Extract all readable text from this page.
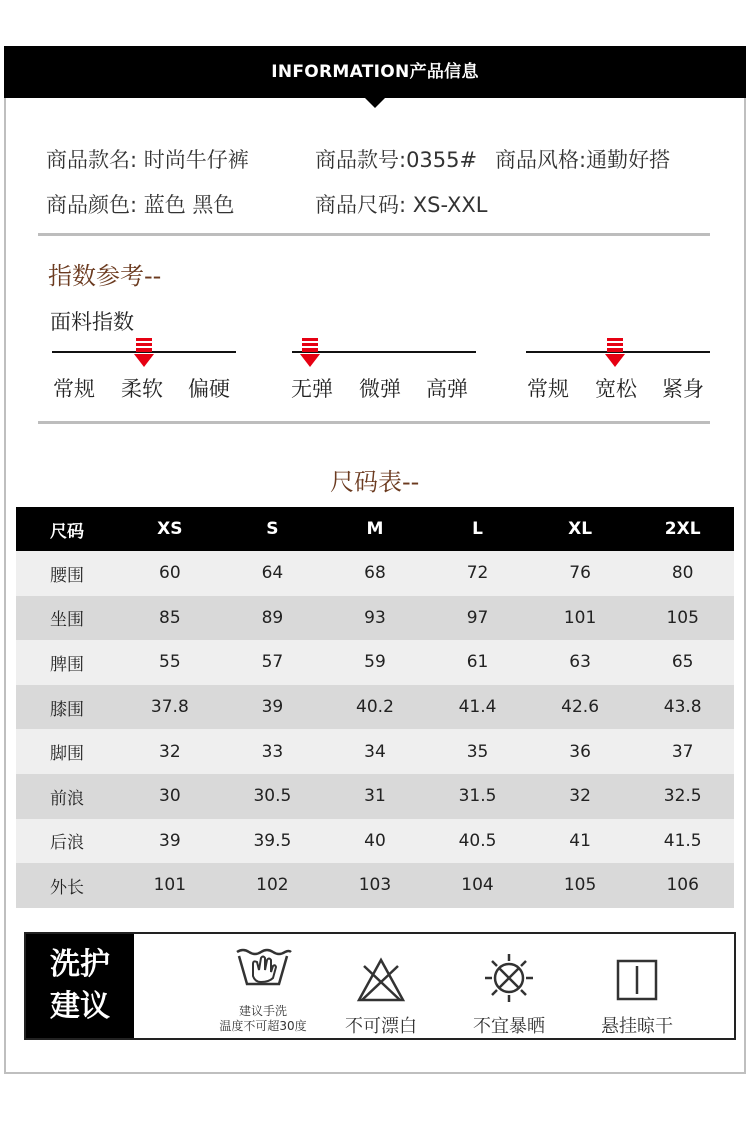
INFORMATION产品信息
商品款名: 时尚牛仔裤	商品款号:0355# 商品风格:通勤好搭
商品颜色: 蓝色 黑色	商品尺码: XS-XXL
指数参考--
面料指数
常规 柔软 偏硬	无弹 微弹 高弹	常规 宽松 紧身
尺码表--
尺码	XS	S	M	L	XL	2XL
腰围	60	64	68	72	76	80
坐围	85	89	93	97	101	105
脾围	55	57	59	61	63	65
膝围	37.8	39	40.2	41.4	42.6	43.8
脚围	32	33	34	35	36	37
前浪	30	30.5	31	31.5	32	32.5
后浪	39	39.5	40	40.5	41	41.5
外长	101	102	103	104	105	106
洗护
建议	建议手洗
温度不可超30度	不可漂白	不宜暴晒	悬挂晾干
